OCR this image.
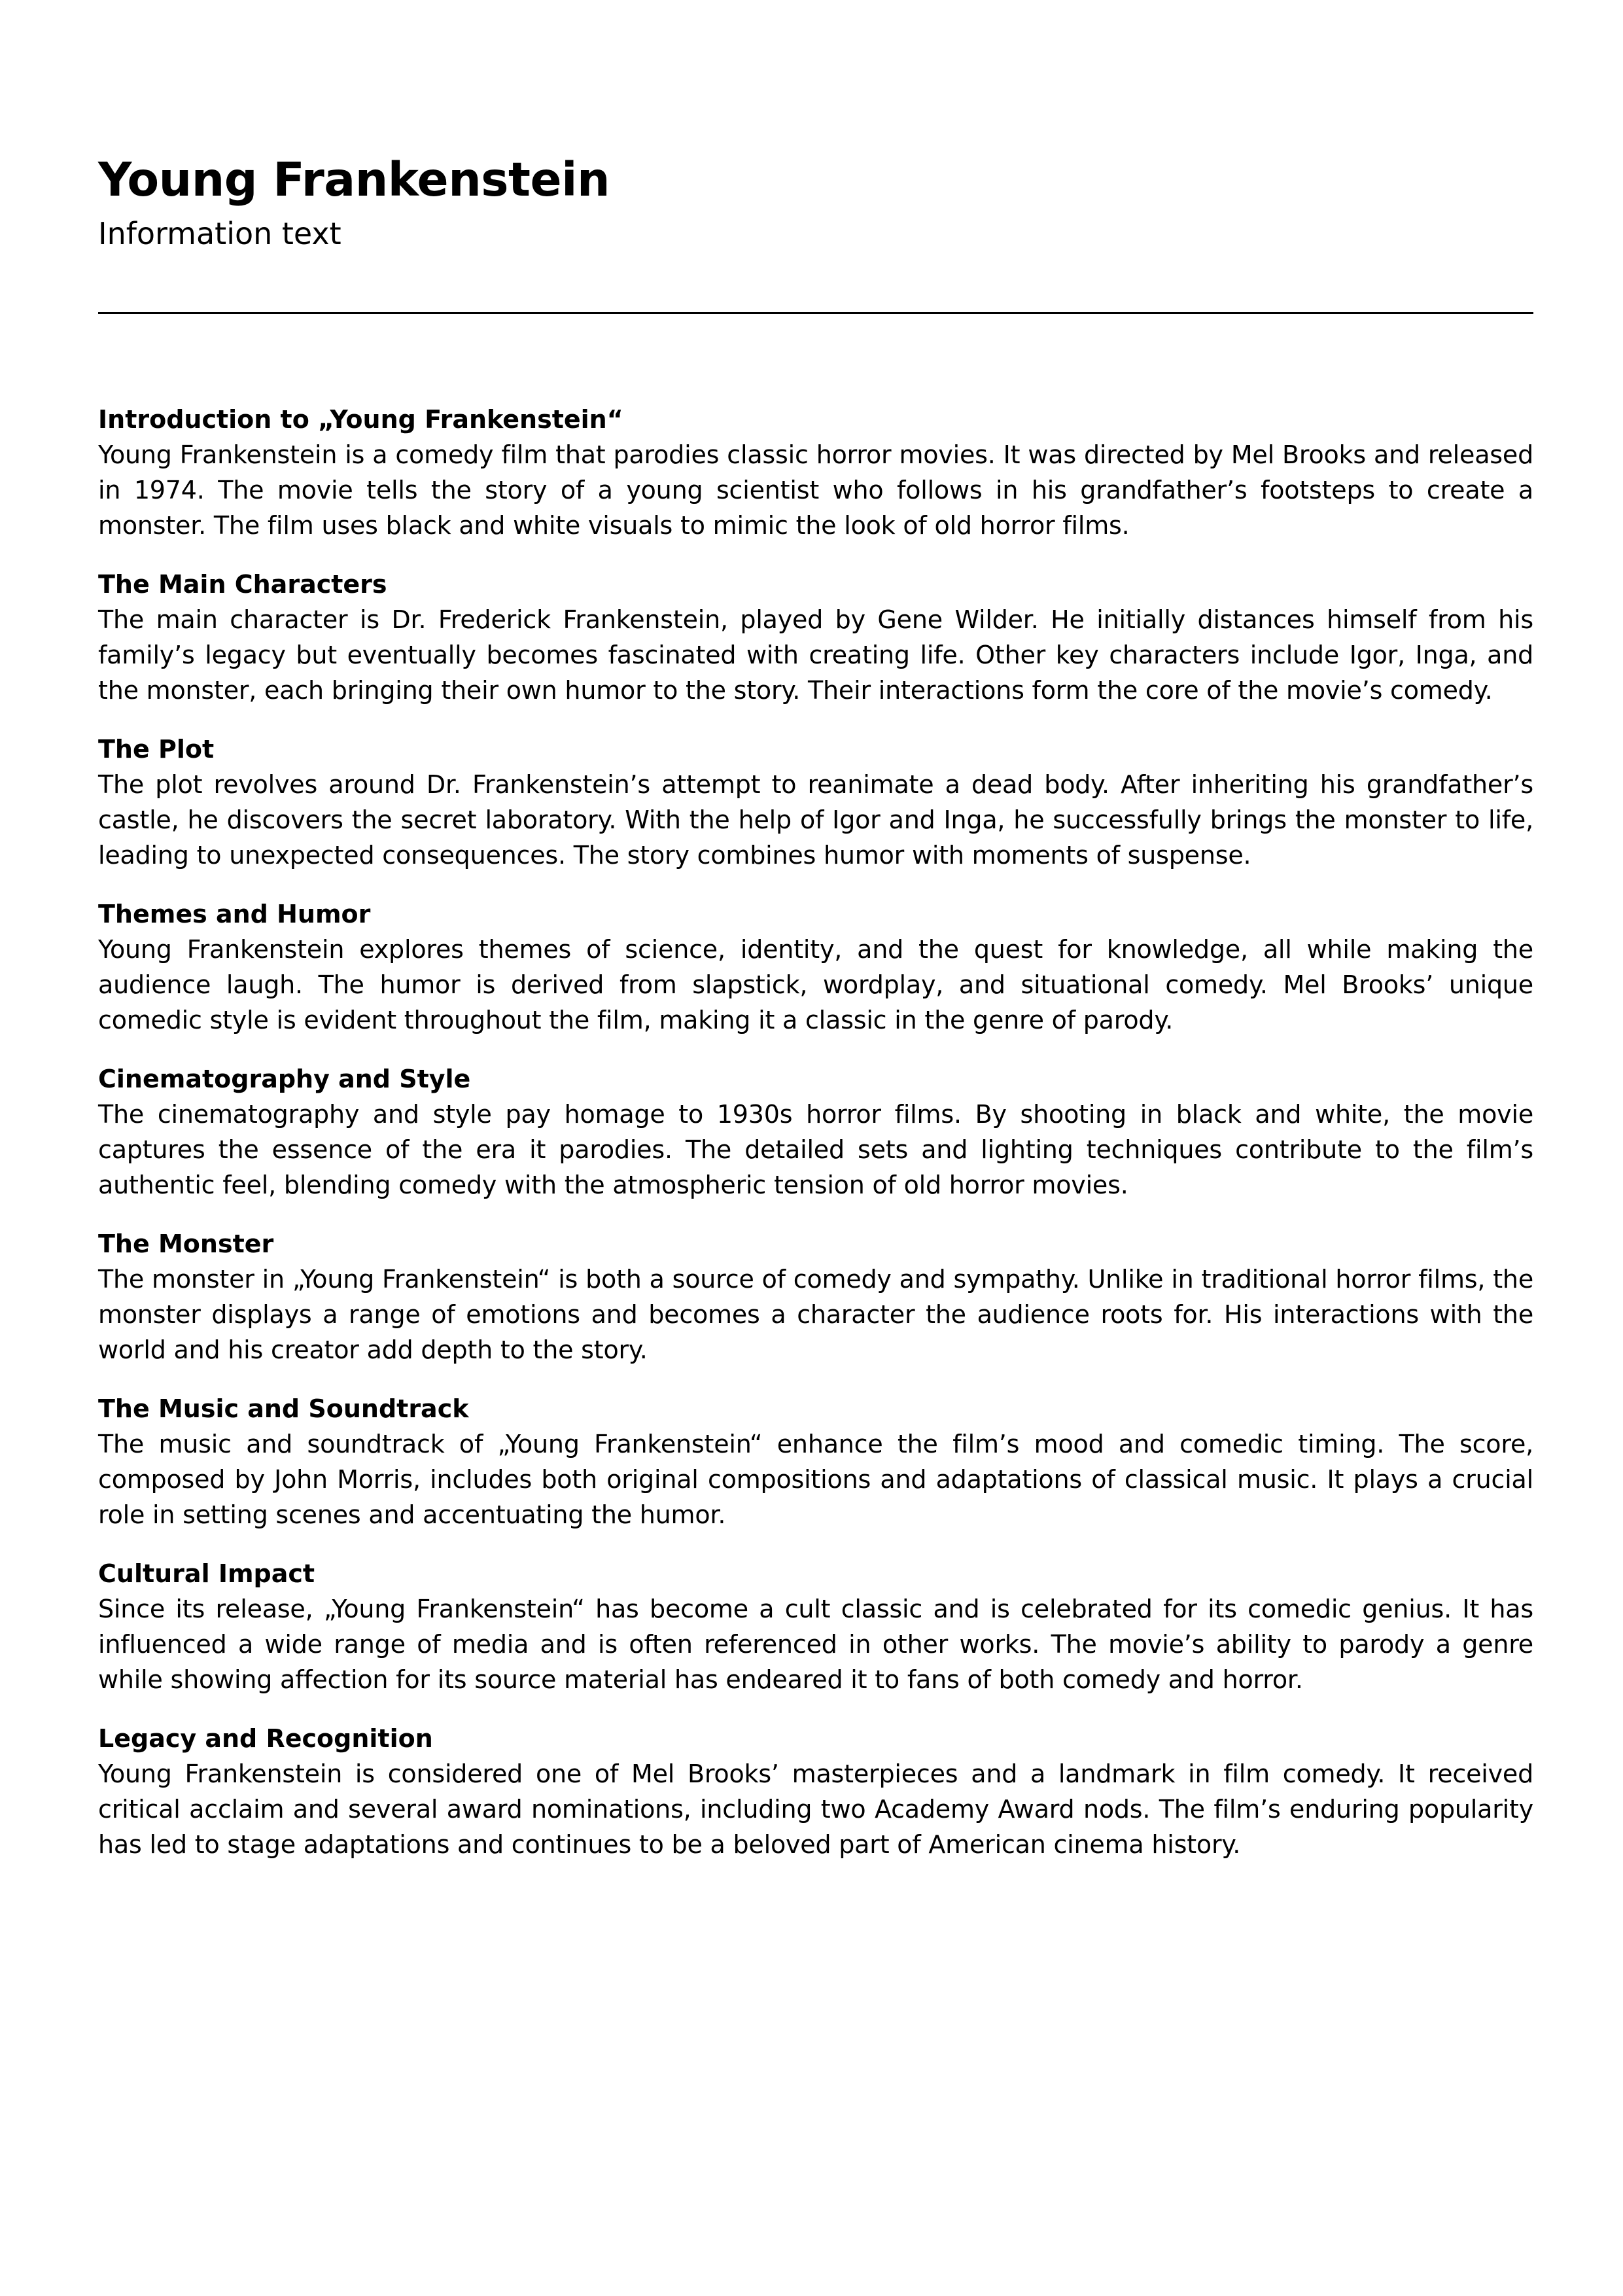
Young Frankenstein

Information text

Introduction to „Young Frankenstein“

Young Frankenstein is a comedy film that parodies classic horror movies. It was directed by Mel Brooks and released in 1974. The movie tells the story of a young scientist who follows in his grandfather’s footsteps to create a monster. The film uses black and white visuals to mimic the look of old horror films.

The Main Characters

The main character is Dr. Frederick Frankenstein, played by Gene Wilder. He initially distances himself from his family’s legacy but eventually becomes fascinated with creating life. Other key characters include Igor, Inga, and the monster, each bringing their own humor to the story. Their interactions form the core of the movie’s comedy.

The Plot

The plot revolves around Dr. Frankenstein’s attempt to reanimate a dead body. After inheriting his grandfather’s castle, he discovers the secret laboratory. With the help of Igor and Inga, he successfully brings the monster to life, leading to unexpected consequences. The story combines humor with moments of suspense.

Themes and Humor

Young Frankenstein explores themes of science, identity, and the quest for knowledge, all while making the audience laugh. The humor is derived from slapstick, wordplay, and situational comedy. Mel Brooks’ unique comedic style is evident throughout the film, making it a classic in the genre of parody.

Cinematography and Style

The cinematography and style pay homage to 1930s horror films. By shooting in black and white, the movie captures the essence of the era it parodies. The detailed sets and lighting techniques contribute to the film’s authentic feel, blending comedy with the atmospheric tension of old horror movies.

The Monster

The monster in „Young Frankenstein“ is both a source of comedy and sympathy. Unlike in traditional horror films, the monster displays a range of emotions and becomes a character the audience roots for. His interactions with the world and his creator add depth to the story.

The Music and Soundtrack

The music and soundtrack of „Young Frankenstein“ enhance the film’s mood and comedic timing. The score, composed by John Morris, includes both original compositions and adaptations of classical music. It plays a crucial role in setting scenes and accentuating the humor.

Cultural Impact

Since its release, „Young Frankenstein“ has become a cult classic and is celebrated for its comedic genius. It has influenced a wide range of media and is often referenced in other works. The movie’s ability to parody a genre while showing affection for its source material has endeared it to fans of both comedy and horror.

Legacy and Recognition

Young Frankenstein is considered one of Mel Brooks’ masterpieces and a landmark in film comedy. It received critical acclaim and several award nominations, including two Academy Award nods. The film’s enduring popularity has led to stage adaptations and continues to be a beloved part of American cinema history.
